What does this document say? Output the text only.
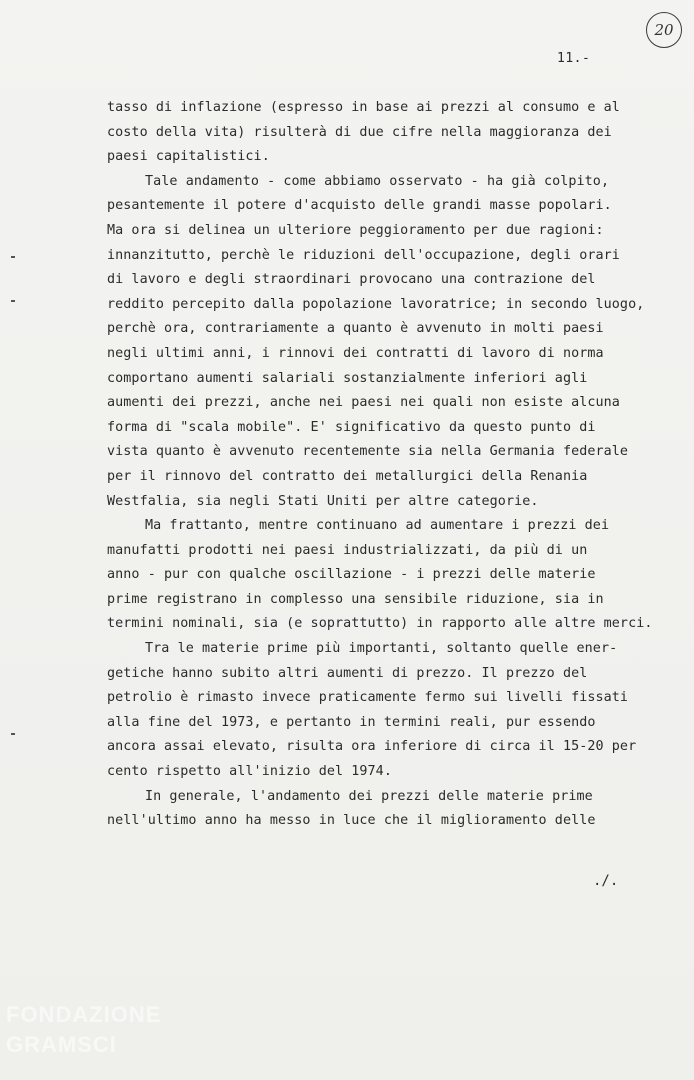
20
11.-
tasso di inflazione (espresso in base ai prezzi al consumo e al
costo della vita) risulterà di due cifre nella maggioranza dei
paesi capitalistici.
Tale andamento - come abbiamo osservato - ha già colpito,
pesantemente il potere d'acquisto delle grandi masse popolari.
Ma ora si delinea un ulteriore peggioramento per due ragioni:
innanzitutto, perchè le riduzioni dell'occupazione, degli orari
di lavoro e degli straordinari provocano una contrazione del
reddito percepito dalla popolazione lavoratrice; in secondo luogo,
perchè ora, contrariamente a quanto è avvenuto in molti paesi
negli ultimi anni, i rinnovi dei contratti di lavoro di norma
comportano aumenti salariali sostanzialmente inferiori agli
aumenti dei prezzi, anche nei paesi nei quali non esiste alcuna
forma di "scala mobile". E' significativo da questo punto di
vista quanto è avvenuto recentemente sia nella Germania federale
per il rinnovo del contratto dei metallurgici della Renania
Westfalia, sia negli Stati Uniti per altre categorie.
Ma frattanto, mentre continuano ad aumentare i prezzi dei
manufatti prodotti nei paesi industrializzati, da più di un
anno - pur con qualche oscillazione - i prezzi delle materie
prime registrano in complesso una sensibile riduzione, sia in
termini nominali, sia (e soprattutto) in rapporto alle altre merci.
Tra le materie prime più importanti, soltanto quelle ener-
getiche hanno subito altri aumenti di prezzo. Il prezzo del
petrolio è rimasto invece praticamente fermo sui livelli fissati
alla fine del 1973, e pertanto in termini reali, pur essendo
ancora assai elevato, risulta ora inferiore di circa il 15-20 per
cento rispetto all'inizio del 1974.
In generale, l'andamento dei prezzi delle materie prime
nell'ultimo anno ha messo in luce che il miglioramento delle
./.
FONDAZIONE
GRAMSCI
